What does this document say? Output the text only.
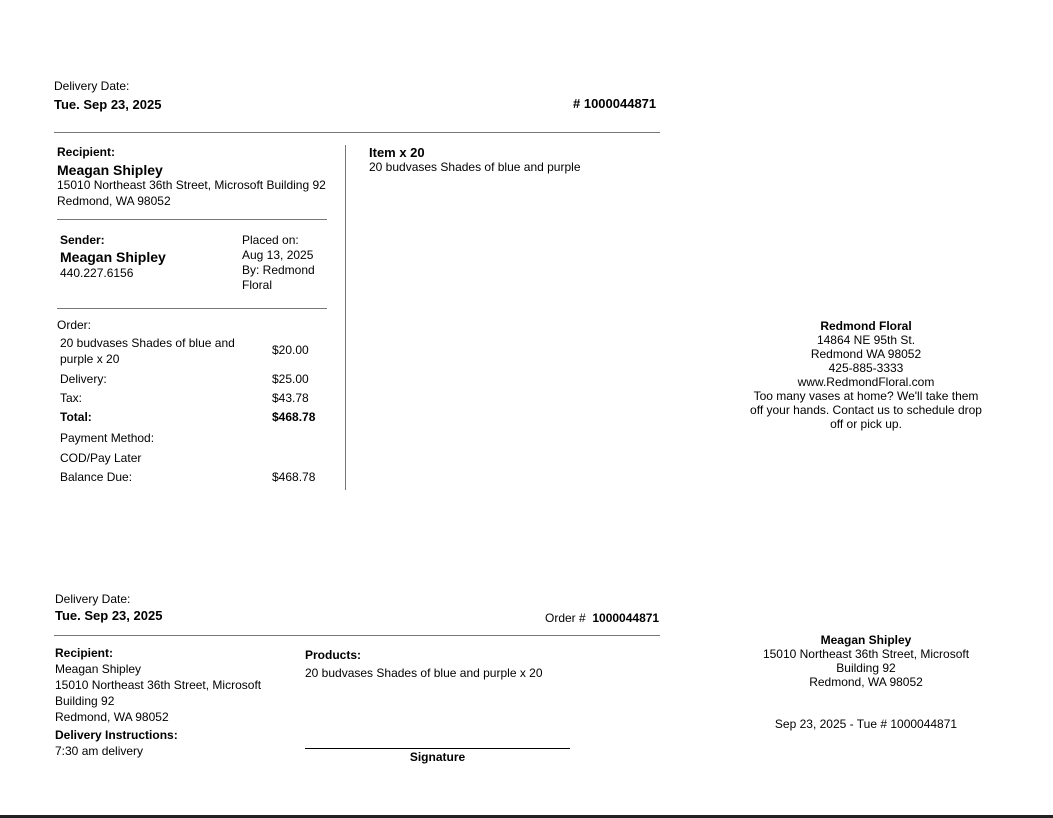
Delivery Date:
Tue. Sep 23, 2025	# 1000044871
Recipient:
Meagan Shipley
15010 Northeast 36th Street, Microsoft Building 92
Redmond, WA 98052
Sender:
Meagan Shipley
440.227.6156
Placed on:
Aug 13, 2025
By: Redmond
Floral
Order:
20 budvases Shades of blue and
purple x 20
$20.00
Delivery:	$25.00
Tax:	$43.78
Total:	$468.78
Payment Method:
COD/Pay Later
Balance Due:	$468.78
Item x 20
20 budvases Shades of blue and purple
Redmond Floral
14864 NE 95th St.
Redmond WA 98052
425-885-3333
www.RedmondFloral.com
Too many vases at home? We'll take them
off your hands. Contact us to schedule drop
off or pick up.
Delivery Date:
Tue. Sep 23, 2025	Order # 1000044871
Recipient:
Meagan Shipley
15010 Northeast 36th Street, Microsoft
Building 92
Redmond, WA 98052
Delivery Instructions:
7:30 am delivery
Products:
20 budvases Shades of blue and purple x 20
Signature
Meagan Shipley
15010 Northeast 36th Street, Microsoft
Building 92
Redmond, WA 98052
Sep 23, 2025 - Tue # 1000044871
